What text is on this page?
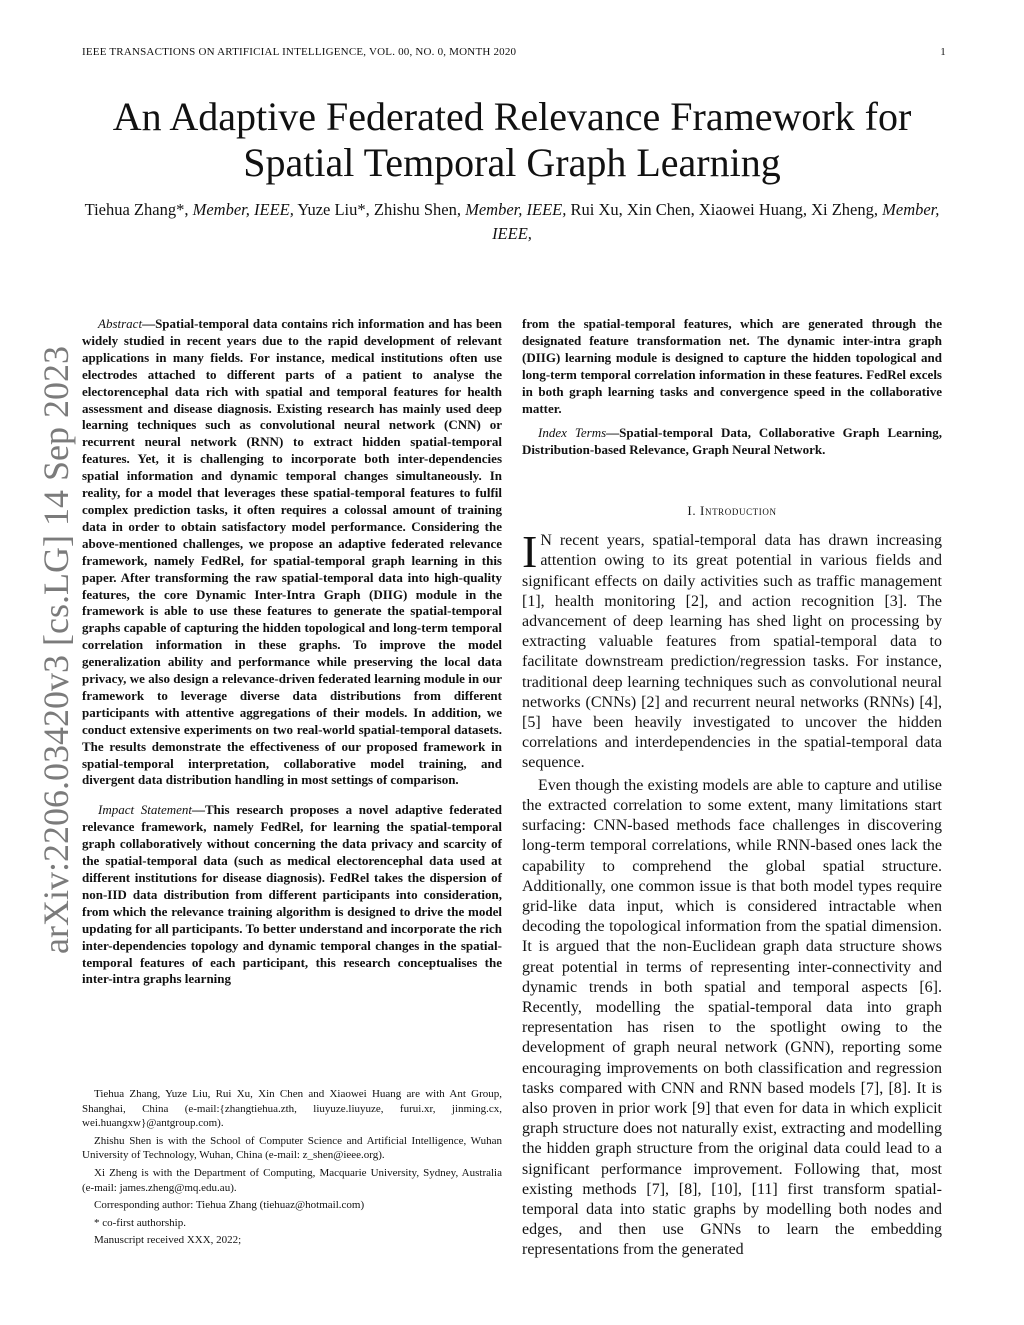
IEEE TRANSACTIONS ON ARTIFICIAL INTELLIGENCE, VOL. 00, NO. 0, MONTH 2020	1
An Adaptive Federated Relevance Framework for Spatial Temporal Graph Learning
Tiehua Zhang*, Member, IEEE, Yuze Liu*, Zhishu Shen, Member, IEEE, Rui Xu, Xin Chen, Xiaowei Huang, Xi Zheng, Member, IEEE,
arXiv:2206.03420v3 [cs.LG] 14 Sep 2023

Abstract—Spatial-temporal data contains rich information and has been widely studied in recent years due to the rapid development of relevant applications in many fields. For instance, medical institutions often use electrodes attached to different parts of a patient to analyse the electorencephal data rich with spatial and temporal features for health assessment and disease diagnosis. Existing research has mainly used deep learning techniques such as convolutional neural network (CNN) or recurrent neural network (RNN) to extract hidden spatial-temporal features. Yet, it is challenging to incorporate both inter-dependencies spatial information and dynamic temporal changes simultaneously. In reality, for a model that leverages these spatial-temporal features to fulfil complex prediction tasks, it often requires a colossal amount of training data in order to obtain satisfactory model performance. Considering the above-mentioned challenges, we propose an adaptive federated relevance framework, namely FedRel, for spatial-temporal graph learning in this paper. After transforming the raw spatial-temporal data into high-quality features, the core Dynamic Inter-Intra Graph (DIIG) module in the framework is able to use these features to generate the spatial-temporal graphs capable of capturing the hidden topological and long-term temporal correlation information in these graphs. To improve the model generalization ability and performance while preserving the local data privacy, we also design a relevance-driven federated learning module in our framework to leverage diverse data distributions from different participants with attentive aggregations of their models. In addition, we conduct extensive experiments on two real-world spatial-temporal datasets. The results demonstrate the effectiveness of our proposed framework in spatial-temporal interpretation, collaborative model training, and divergent data distribution handling in most settings of comparison.

Impact Statement—This research proposes a novel adaptive federated relevance framework, namely FedRel, for learning the spatial-temporal graph collaboratively without concerning the data privacy and scarcity of the spatial-temporal data (such as medical electorencephal data used at different institutions for disease diagnosis). FedRel takes the dispersion of non-IID data distribution from different participants into consideration, from which the relevance training algorithm is designed to drive the model updating for all participants. To better understand and incorporate the rich inter-dependencies topology and dynamic temporal changes in the spatial-temporal features of each participant, this research conceptualises the inter-intra graphs learning

Tiehua Zhang, Yuze Liu, Rui Xu, Xin Chen and Xiaowei Huang are with Ant Group, Shanghai, China (e-mail:{zhangtiehua.zth, liuyuze.liuyuze, furui.xr, jinming.cx, wei.huangxw}@antgroup.com).

Zhishu Shen is with the School of Computer Science and Artificial Intelligence, Wuhan University of Technology, Wuhan, China (e-mail: z_shen@ieee.org).

Xi Zheng is with the Department of Computing, Macquarie University, Sydney, Australia (e-mail: james.zheng@mq.edu.au).

Corresponding author: Tiehua Zhang (tiehuaz@hotmail.com)

* co-first authorship.

Manuscript received XXX, 2022;

from the spatial-temporal features, which are generated through the designated feature transformation net. The dynamic inter-intra graph (DIIG) learning module is designed to capture the hidden topological and long-term temporal correlation information in these features. FedRel excels in both graph learning tasks and convergence speed in the collaborative matter.

Index Terms—Spatial-temporal Data, Collaborative Graph Learning, Distribution-based Relevance, Graph Neural Network.

I. Introduction

I N recent years, spatial-temporal data has drawn increasing attention owing to its great potential in various fields and significant effects on daily activities such as traffic management [1], health monitoring [2], and action recognition [3]. The advancement of deep learning has shed light on processing by extracting valuable features from spatial-temporal data to facilitate downstream prediction/regression tasks. For instance, traditional deep learning techniques such as convolutional neural networks (CNNs) [2] and recurrent neural networks (RNNs) [4], [5] have been heavily investigated to uncover the hidden correlations and interdependencies in the spatial-temporal data sequence.

Even though the existing models are able to capture and utilise the extracted correlation to some extent, many limitations start surfacing: CNN-based methods face challenges in discovering long-term temporal correlations, while RNN-based ones lack the capability to comprehend the global spatial structure. Additionally, one common issue is that both model types require grid-like data input, which is considered intractable when decoding the topological information from the spatial dimension. It is argued that the non-Euclidean graph data structure shows great potential in terms of representing inter-connectivity and dynamic trends in both spatial and temporal aspects [6]. Recently, modelling the spatial-temporal data into graph representation has risen to the spotlight owing to the development of graph neural network (GNN), reporting some encouraging improvements on both classification and regression tasks compared with CNN and RNN based models [7], [8]. It is also proven in prior work [9] that even for data in which explicit graph structure does not naturally exist, extracting and modelling the hidden graph structure from the original data could lead to a significant performance improvement. Following that, most existing methods [7], [8], [10], [11] first transform spatial-temporal data into static graphs by modelling both nodes and edges, and then use GNNs to learn the embedding representations from the generated
